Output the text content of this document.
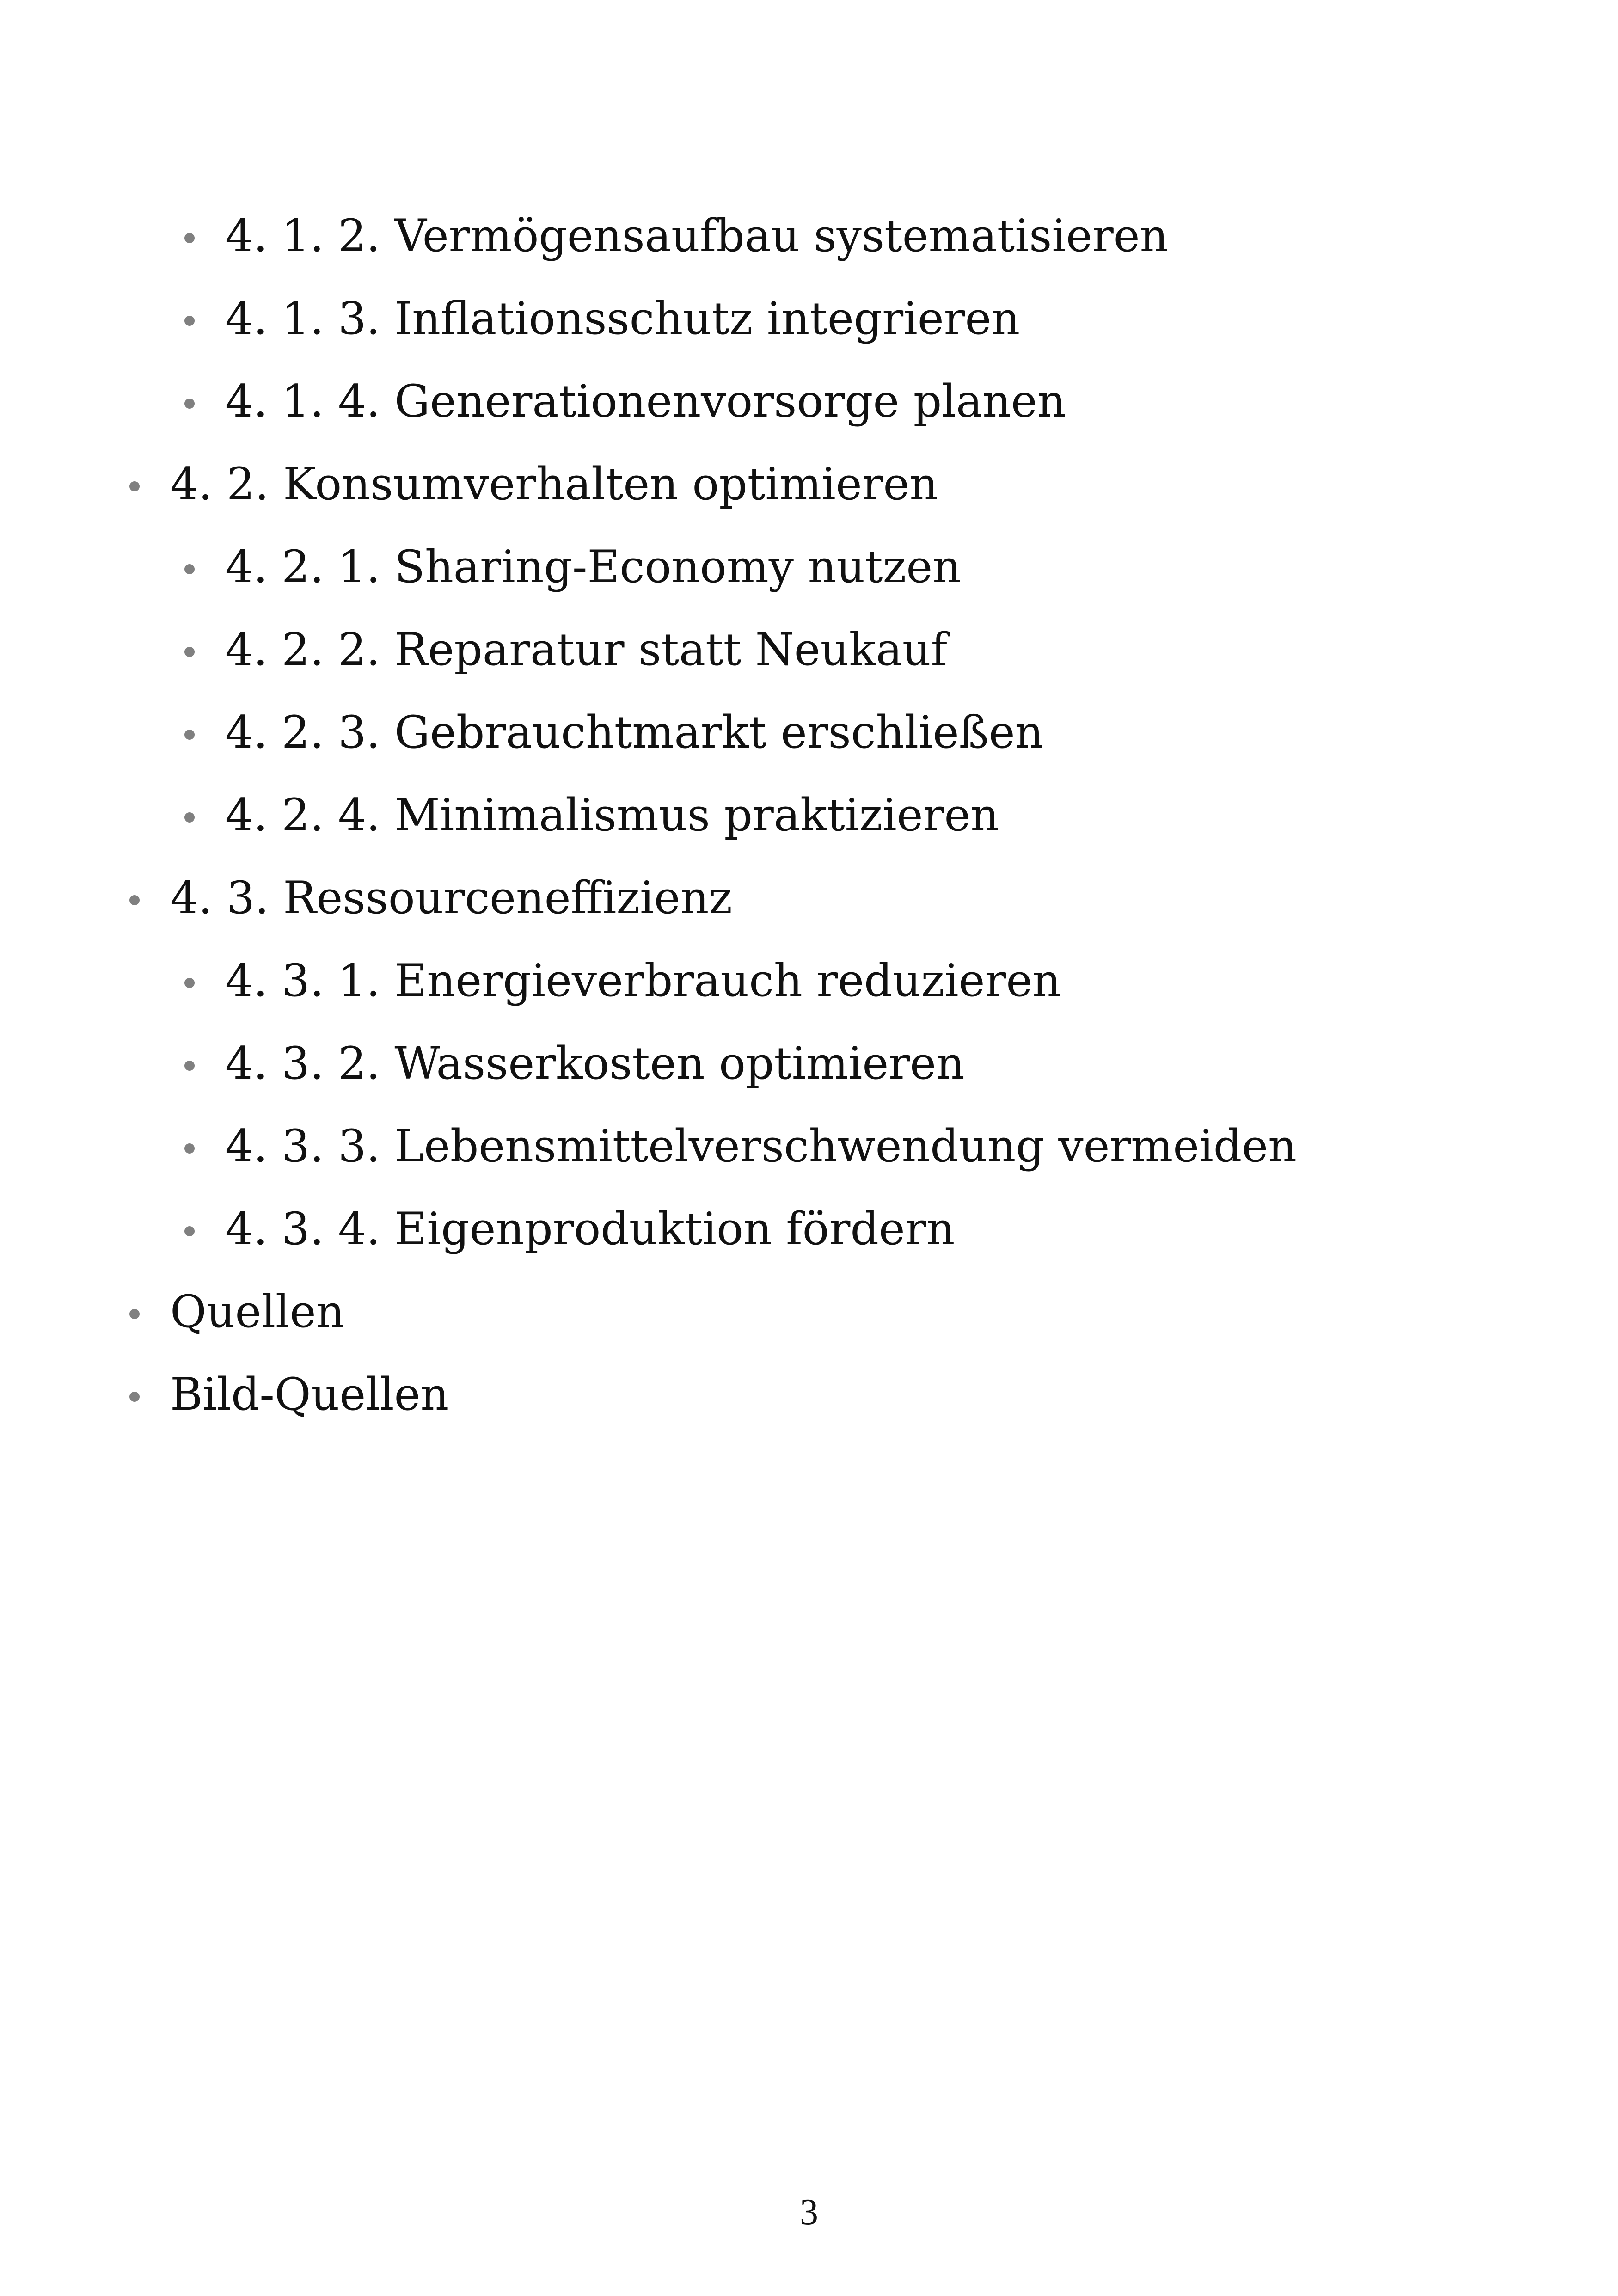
4. 1. 2. Vermögensaufbau systematisieren
4. 1. 3. Inflationsschutz integrieren
4. 1. 4. Generationenvorsorge planen
4. 2. Konsumverhalten optimieren
4. 2. 1. Sharing-Economy nutzen
4. 2. 2. Reparatur statt Neukauf
4. 2. 3. Gebrauchtmarkt erschließen
4. 2. 4. Minimalismus praktizieren
4. 3. Ressourceneffizienz
4. 3. 1. Energieverbrauch reduzieren
4. 3. 2. Wasserkosten optimieren
4. 3. 3. Lebensmittelverschwendung vermeiden
4. 3. 4. Eigenproduktion fördern
Quellen
Bild-Quellen
3
